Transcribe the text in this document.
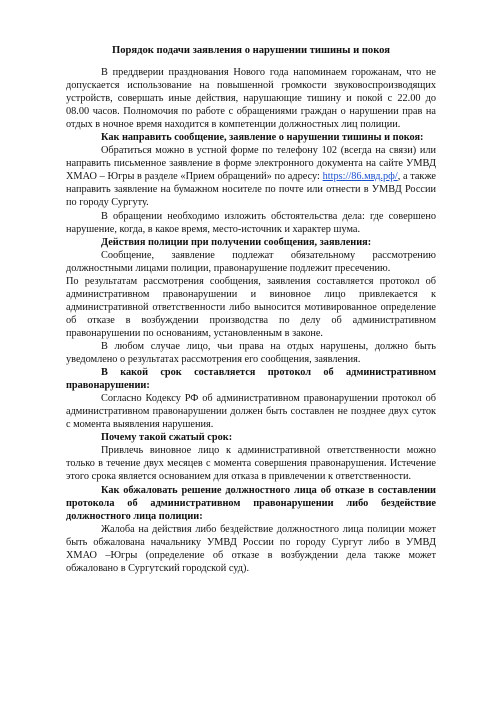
Порядок подачи заявления о нарушении тишины и покоя

В преддверии празднования Нового года напоминаем горожанам, что не допускается использование на повышенной громкости звуковоспроизводящих устройств, совершать иные действия, нарушающие тишину и покой с 22.00 до 08.00 часов. Полномочия по работе с обращениями граждан о нарушении прав на отдых в ночное время находится в компетенции должностных лиц полиции.

Как направить сообщение, заявление о нарушении тишины и покоя:

Обратиться можно в устной форме по телефону 102 (всегда на связи) или направить письменное заявление в форме электронного документа на сайте УМВД ХМАО – Югры в разделе «Прием обращений» по адресу: https://86.мвд.рф/, а также направить заявление на бумажном носителе по почте или отнести в УМВД России по городу Сургуту.

В обращении необходимо изложить обстоятельства дела: где совершено нарушение, когда, в какое время, место-источник и характер шума.

Действия полиции при получении сообщения, заявления:

Сообщение, заявление подлежат обязательному рассмотрению должностными лицами полиции, правонарушение подлежит пресечению.

По результатам рассмотрения сообщения, заявления составляется протокол об административном правонарушении и виновное лицо привлекается к административной ответственности либо выносится мотивированное определение об отказе в возбуждении производства по делу об административном правонарушении по основаниям, установленным в законе.

В любом случае лицо, чьи права на отдых нарушены, должно быть уведомлено о результатах рассмотрения его сообщения, заявления.

В какой срок составляется протокол об административном правонарушении:

Согласно Кодексу РФ об административном правонарушении протокол об административном правонарушении должен быть составлен не позднее двух суток с момента выявления нарушения.

Почему такой сжатый срок:

Привлечь виновное лицо к административной ответственности можно только в течение двух месяцев с момента совершения правонарушения. Истечение этого срока является основанием для отказа в привлечении к ответственности.

Как обжаловать решение должностного лица об отказе в составлении протокола об административном правонарушении либо бездействие должностного лица полиции:

Жалоба на действия либо бездействие должностного лица полиции может быть обжалована начальнику УМВД России по городу Сургут либо в УМВД ХМАО –Югры (определение об отказе в возбуждении дела также может обжаловано в Сургутский городской суд).
